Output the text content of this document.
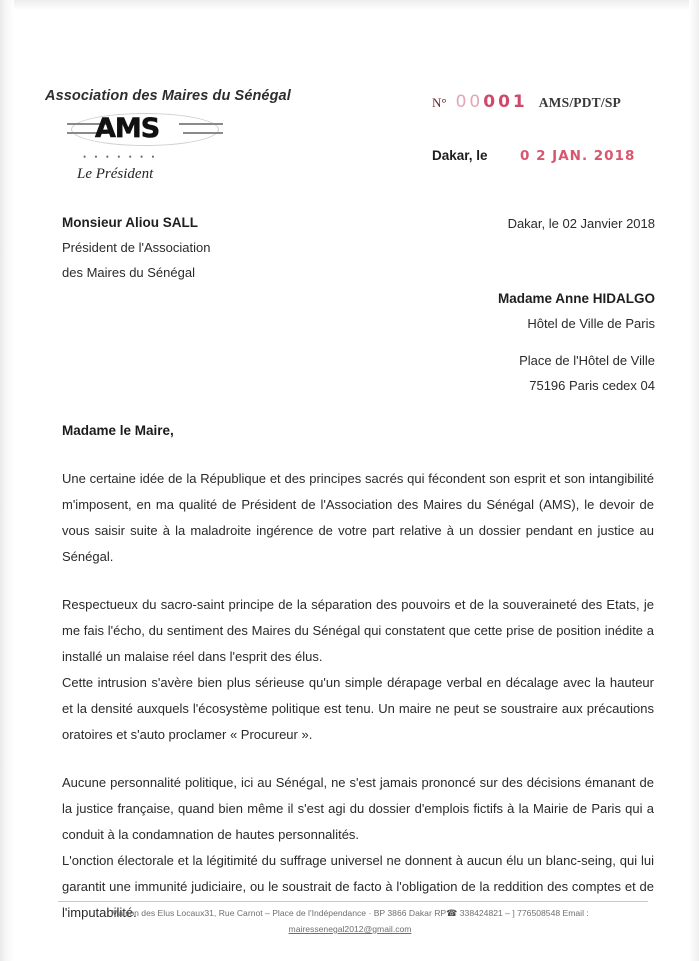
Association des Maires du Sénégal
AMS
• • • • • • •
Le Président
N° 00001 AMS/PDT/SP
Dakar, le	0 2 JAN. 2018
Monsieur Aliou SALL
Président de l'Association
des Maires du Sénégal
Dakar, le 02 Janvier 2018
Madame Anne HIDALGO
Hôtel de Ville de Paris
Place de l'Hôtel de Ville
75196 Paris cedex 04
Madame le Maire,

Une certaine idée de la République et des principes sacrés qui fécondent son esprit et son intangibilité m'imposent, en ma qualité de Président de l'Association des Maires du Sénégal (AMS), le devoir de vous saisir suite à la maladroite ingérence de votre part relative à un dossier pendant en justice au Sénégal.

Respectueux du sacro-saint principe de la séparation des pouvoirs et de la souveraineté des Etats, je me fais l'écho, du sentiment des Maires du Sénégal qui constatent que cette prise de position inédite a installé un malaise réel dans l'esprit des élus.

Cette intrusion s'avère bien plus sérieuse qu'un simple dérapage verbal en décalage avec la hauteur et la densité auxquels l'écosystème politique est tenu. Un maire ne peut se soustraire aux précautions oratoires et s'auto proclamer « Procureur ».

Aucune personnalité politique, ici au Sénégal, ne s'est jamais prononcé sur des décisions émanant de la justice française, quand bien même il s'est agi du dossier d'emplois fictifs à la Mairie de Paris qui a conduit à la condamnation de hautes personnalités.

L'onction électorale et la légitimité du suffrage universel ne donnent à aucun élu un blanc-seing, qui lui garantit une immunité judiciaire, ou le soustrait de facto à l'obligation de la reddition des comptes et de l'imputabilité.

Maison des Elus Locaux31, Rue Carnot – Place de l'Indépendance · BP 3866 Dakar RP☎ 338424821 – ] 776508548 Email :
mairessenegal2012@gmail.com
